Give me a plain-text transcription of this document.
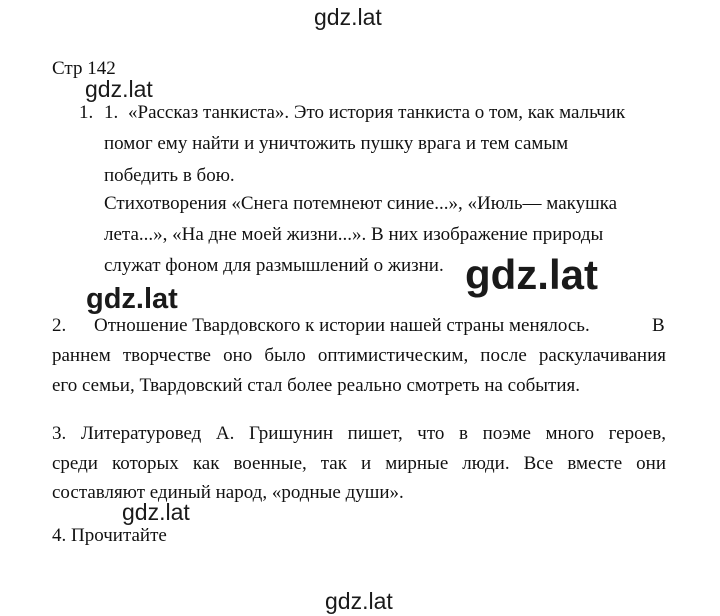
gdz.lat
Стр 142
gdz.lat
1. 1. «Рассказ танкиста». Это история танкиста о том, как мальчик
помог ему найти и уничтожить пушку врага и тем самым
победить в бою.
Стихотворения «Снега потемнеют синие...», «Июль— макушка
лета...», «На дне моей жизни...». В них изображение природы
служат фоном для размышлений о жизни. gdz.lat
gdz.lat
2. Отношение Твардовского к истории нашей страны менялось.	В
раннем творчестве оно было оптимистическим, после раскулачивания
его семьи, Твардовский стал более реально смотреть на события.
3. Литературовед А. Гришунин пишет, что в поэме много героев,
среди которых как военные, так и мирные люди. Все вместе они
составляют единый народ, «родные души».
gdz.lat
4. Прочитайте
gdz.lat
